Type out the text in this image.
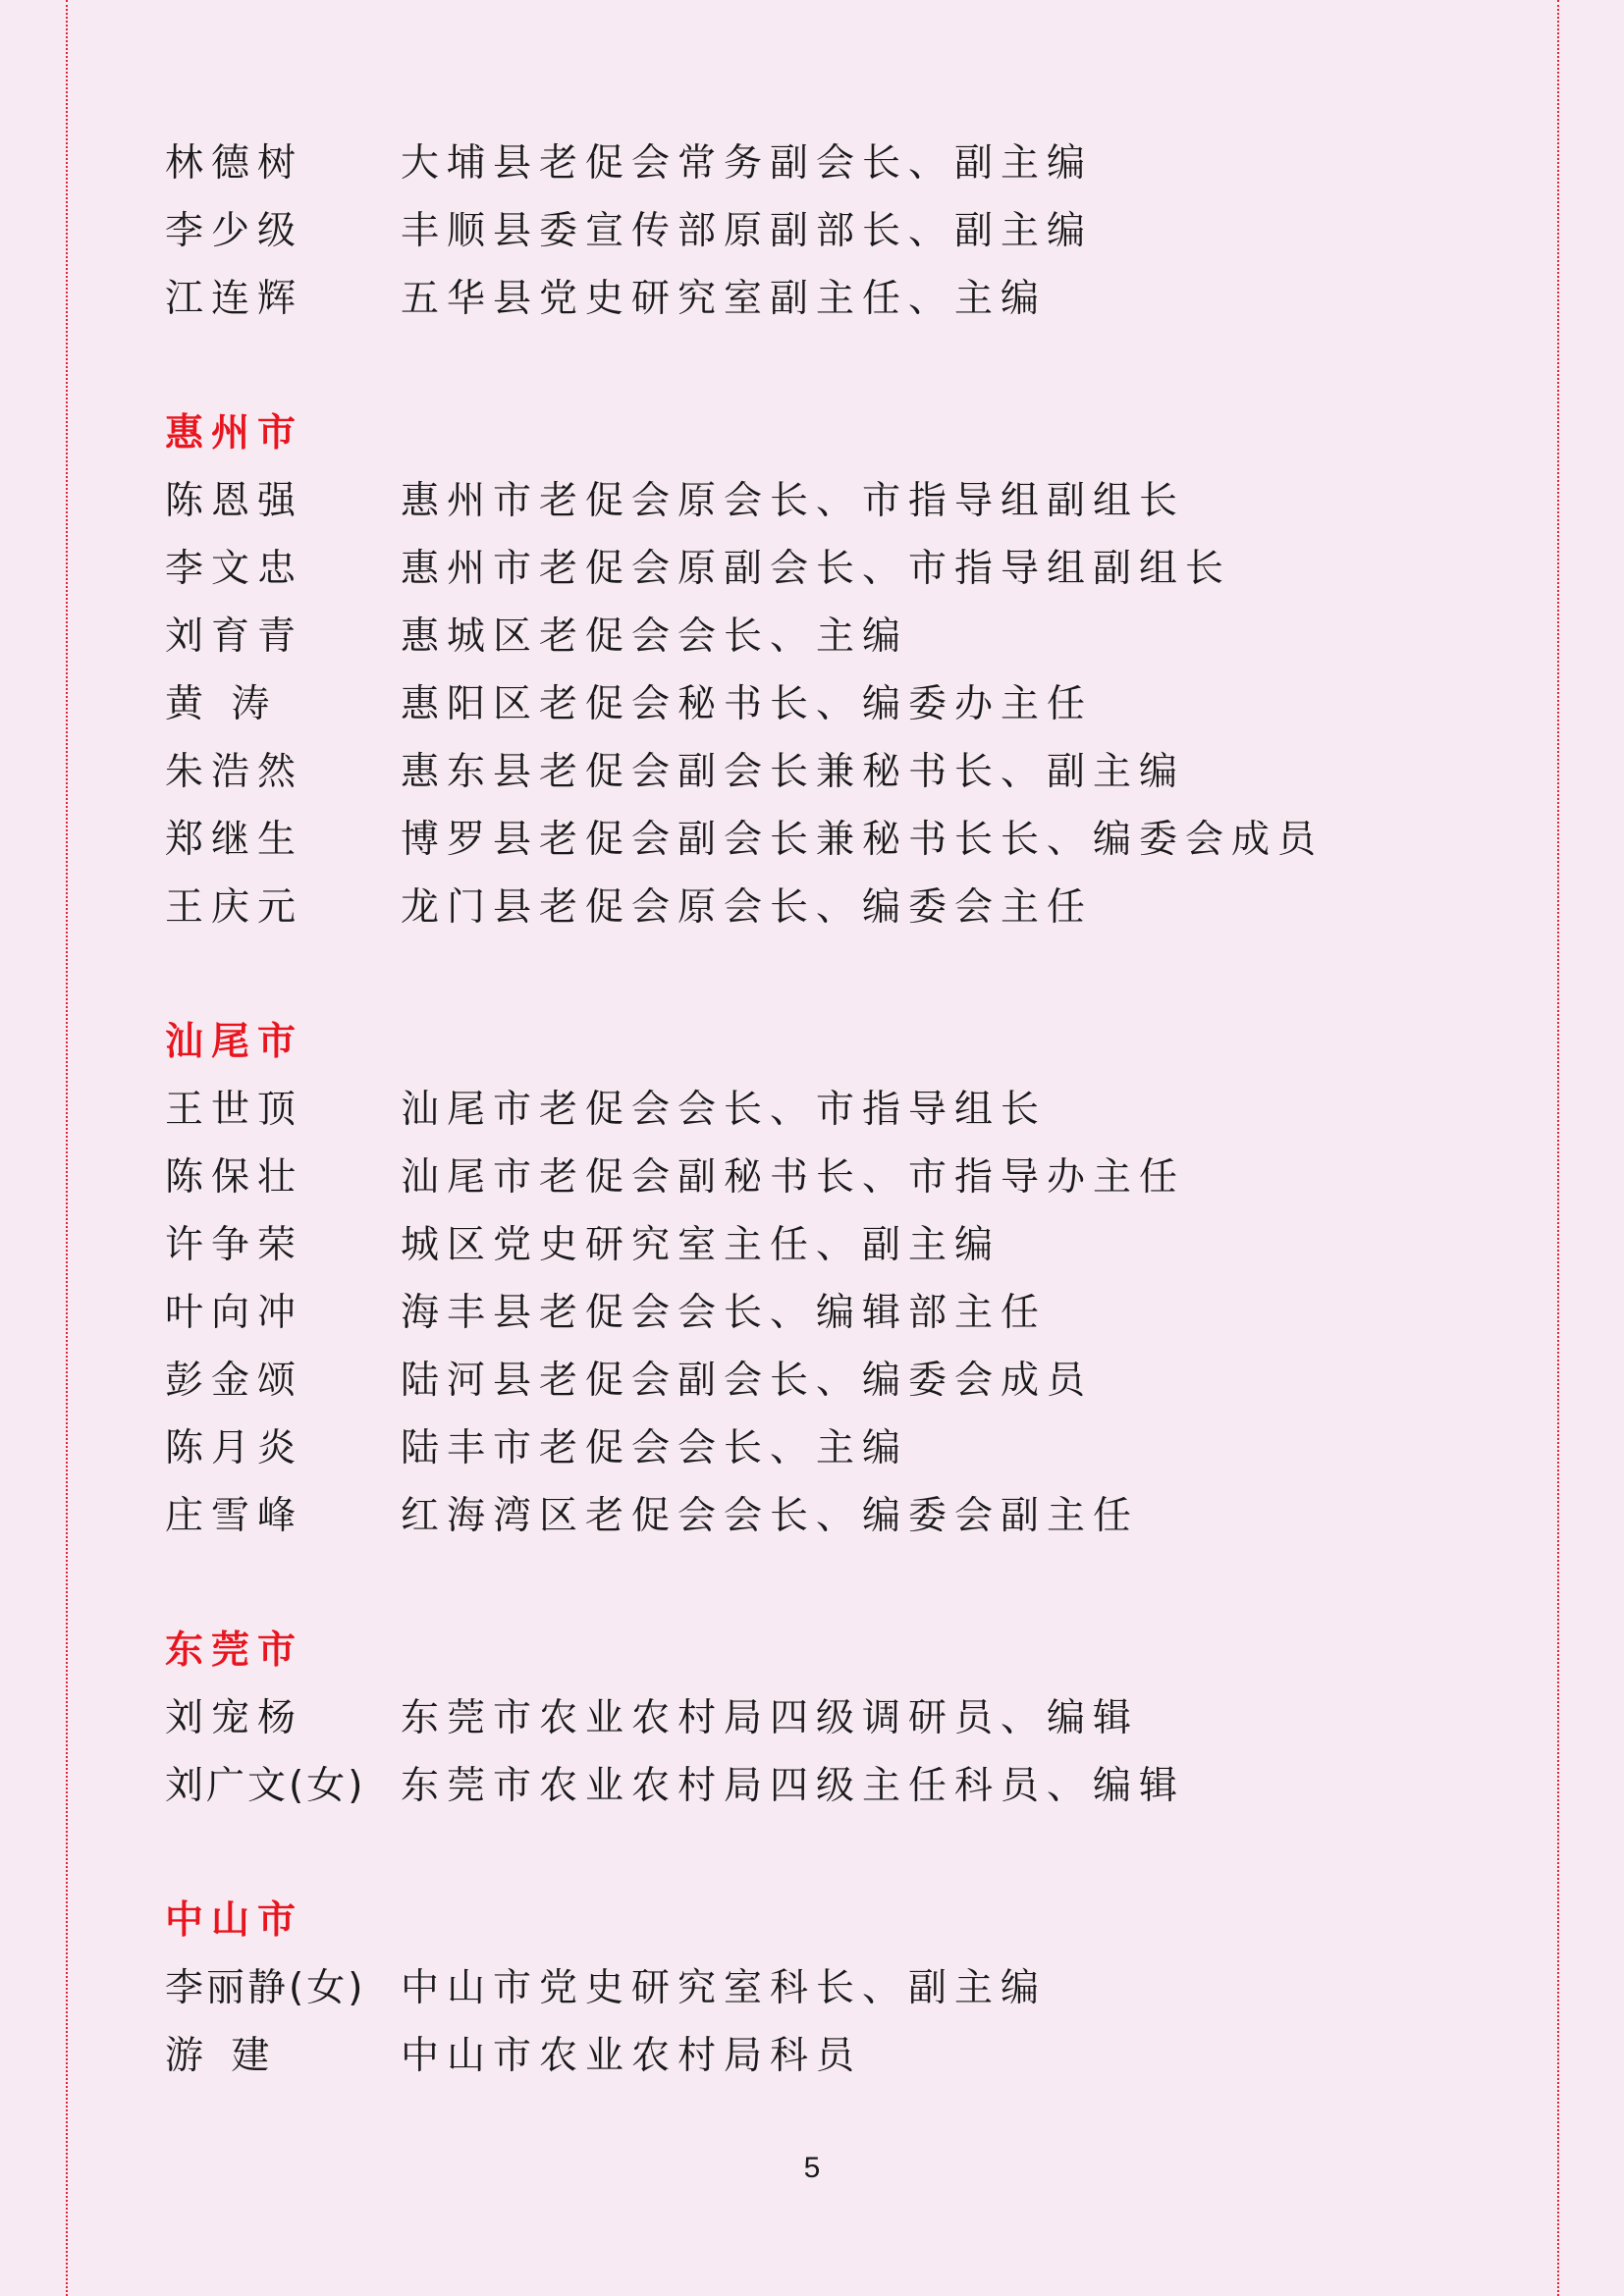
林德树	大埔县老促会常务副会长、副主编
李少级	丰顺县委宣传部原副部长、副主编
江连辉	五华县党史研究室副主任、主编
惠州市
陈恩强	惠州市老促会原会长、市指导组副组长
李文忠	惠州市老促会原副会长、市指导组副组长
刘育青	惠城区老促会会长、主编
黄 涛	惠阳区老促会秘书长、编委办主任
朱浩然	惠东县老促会副会长兼秘书长、副主编
郑继生	博罗县老促会副会长兼秘书长长、编委会成员
王庆元	龙门县老促会原会长、编委会主任
汕尾市
王世顶	汕尾市老促会会长、市指导组长
陈保壮	汕尾市老促会副秘书长、市指导办主任
许争荣	城区党史研究室主任、副主编
叶向冲	海丰县老促会会长、编辑部主任
彭金颂	陆河县老促会副会长、编委会成员
陈月炎	陆丰市老促会会长、主编
庄雪峰	红海湾区老促会会长、编委会副主任
东莞市
刘宠杨	东莞市农业农村局四级调研员、编辑
刘广文(女) 东莞市农业农村局四级主任科员、编辑
中山市
李丽静(女) 中山市党史研究室科长、副主编
游 建	中山市农业农村局科员
5
